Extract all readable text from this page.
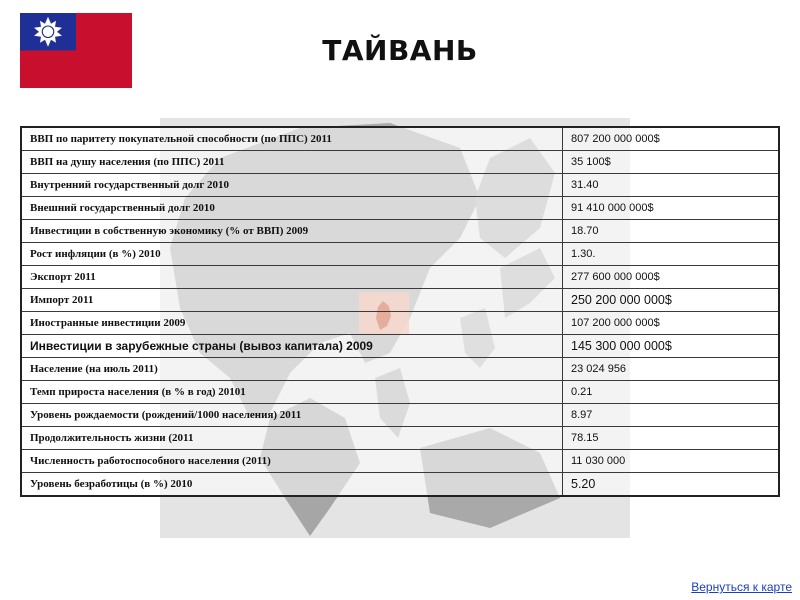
ТАЙВАНЬ
ВВП по паритету покупательной способности (по ППС) 2011	807 200 000 000$
ВВП на душу населения (по ППС) 2011	35 100$
Внутренний государственный долг 2010	31.40
Внешний государственный долг 2010	91 410 000 000$
Инвестиции в собственную экономику (% от ВВП) 2009	18.70
Рост инфляции (в %) 2010	1.30.
Экспорт 2011	277 600 000 000$
Импорт 2011	250 200 000 000$
Иностранные инвестиции 2009	107 200 000 000$
Инвестиции в зарубежные страны (вывоз капитала) 2009	145 300 000 000$
Население (на июль 2011)	23 024 956
Темп прироста населения (в % в год) 20101	0.21
Уровень рождаемости (рождений/1000 населения) 2011	8.97
Продолжительность жизни (2011	78.15
Численность работоспособного населения (2011)	11 030 000
Уровень безработицы (в %) 2010	5.20
Вернуться к карте
